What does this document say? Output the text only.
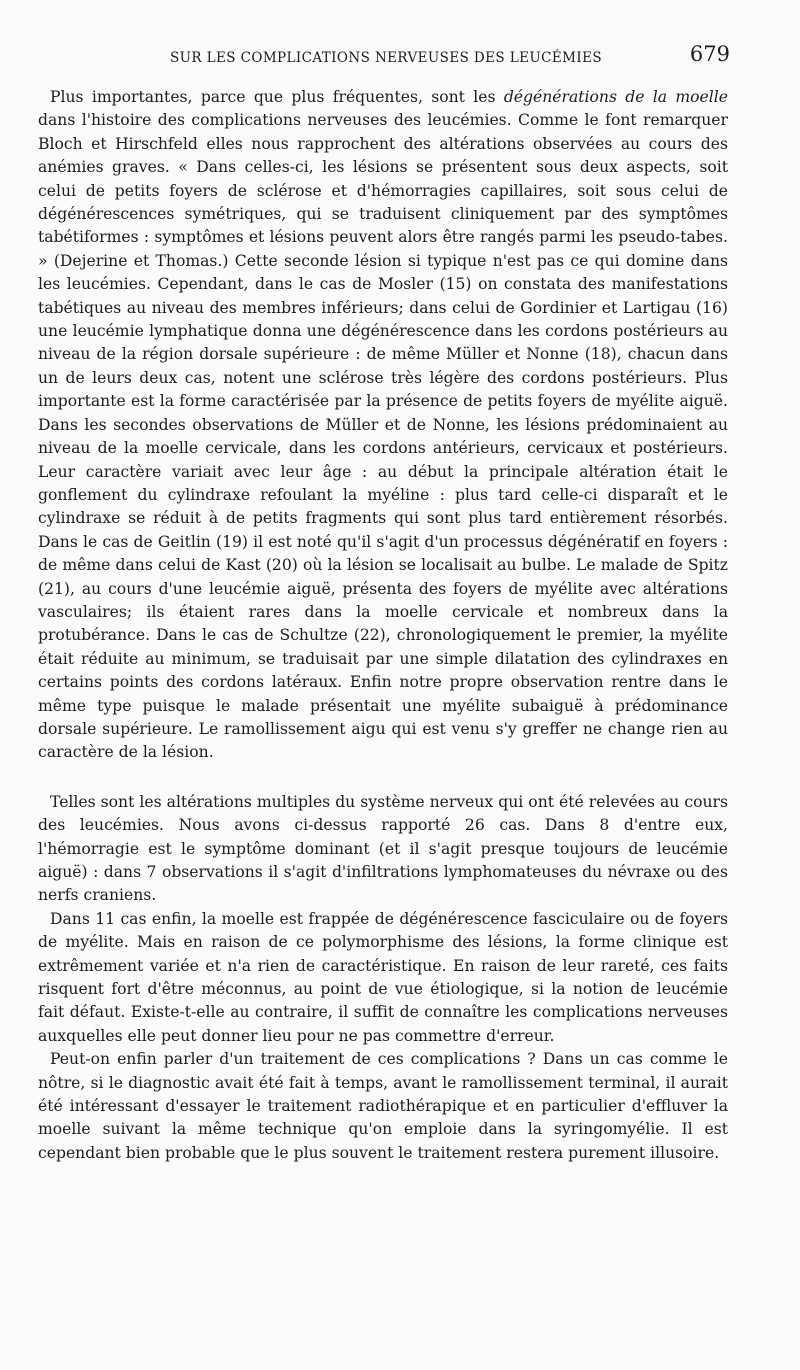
SUR LES COMPLICATIONS NERVEUSES DES LEUCÉMIES	679

Plus importantes, parce que plus fréquentes, sont les dégénérations de la moelle dans l'histoire des complications nerveuses des leucémies. Comme le font remarquer Bloch et Hirschfeld elles nous rapprochent des altérations observées au cours des anémies graves. « Dans celles-ci, les lésions se présentent sous deux aspects, soit celui de petits foyers de sclérose et d'hémorragies capillaires, soit sous celui de dégénérescences symétriques, qui se traduisent cliniquement par des symptômes tabétiformes : symptômes et lésions peuvent alors être rangés parmi les pseudo-tabes. » (Dejerine et Thomas.) Cette seconde lésion si typique n'est pas ce qui domine dans les leucémies. Cependant, dans le cas de Mosler (15) on constata des manifestations tabétiques au niveau des membres inférieurs; dans celui de Gordinier et Lartigau (16) une leucémie lymphatique donna une dégénérescence dans les cordons postérieurs au niveau de la région dorsale supérieure : de même Müller et Nonne (18), chacun dans un de leurs deux cas, notent une sclérose très légère des cordons postérieurs. Plus importante est la forme caractérisée par la présence de petits foyers de myélite aiguë. Dans les secondes observations de Müller et de Nonne, les lésions prédominaient au niveau de la moelle cervicale, dans les cordons antérieurs, cervicaux et postérieurs. Leur caractère variait avec leur âge : au début la principale altération était le gonflement du cylindraxe refoulant la myéline : plus tard celle-ci disparaît et le cylindraxe se réduit à de petits fragments qui sont plus tard entièrement résorbés. Dans le cas de Geitlin (19) il est noté qu'il s'agit d'un processus dégénératif en foyers : de même dans celui de Kast (20) où la lésion se localisait au bulbe. Le malade de Spitz (21), au cours d'une leucémie aiguë, présenta des foyers de myélite avec altérations vasculaires; ils étaient rares dans la moelle cervicale et nombreux dans la protubérance. Dans le cas de Schultze (22), chronologiquement le premier, la myélite était réduite au minimum, se traduisait par une simple dilatation des cylindraxes en certains points des cordons latéraux. Enfin notre propre observation rentre dans le même type puisque le malade présentait une myélite subaiguë à prédominance dorsale supérieure. Le ramollissement aigu qui est venu s'y greffer ne change rien au caractère de la lésion.

Telles sont les altérations multiples du système nerveux qui ont été relevées au cours des leucémies. Nous avons ci-dessus rapporté 26 cas. Dans 8 d'entre eux, l'hémorragie est le symptôme dominant (et il s'agit presque toujours de leucémie aiguë) : dans 7 observations il s'agit d'infiltrations lymphomateuses du névraxe ou des nerfs craniens.

Dans 11 cas enfin, la moelle est frappée de dégénérescence fasciculaire ou de foyers de myélite. Mais en raison de ce polymorphisme des lésions, la forme clinique est extrêmement variée et n'a rien de caractéristique. En raison de leur rareté, ces faits risquent fort d'être méconnus, au point de vue étiologique, si la notion de leucémie fait défaut. Existe-t-elle au contraire, il suffit de connaître les complications nerveuses auxquelles elle peut donner lieu pour ne pas commettre d'erreur.

Peut-on enfin parler d'un traitement de ces complications ? Dans un cas comme le nôtre, si le diagnostic avait été fait à temps, avant le ramollissement terminal, il aurait été intéressant d'essayer le traitement radiothérapique et en particulier d'effluver la moelle suivant la même technique qu'on emploie dans la syringomyélie. Il est cependant bien probable que le plus souvent le traitement restera purement illusoire.
